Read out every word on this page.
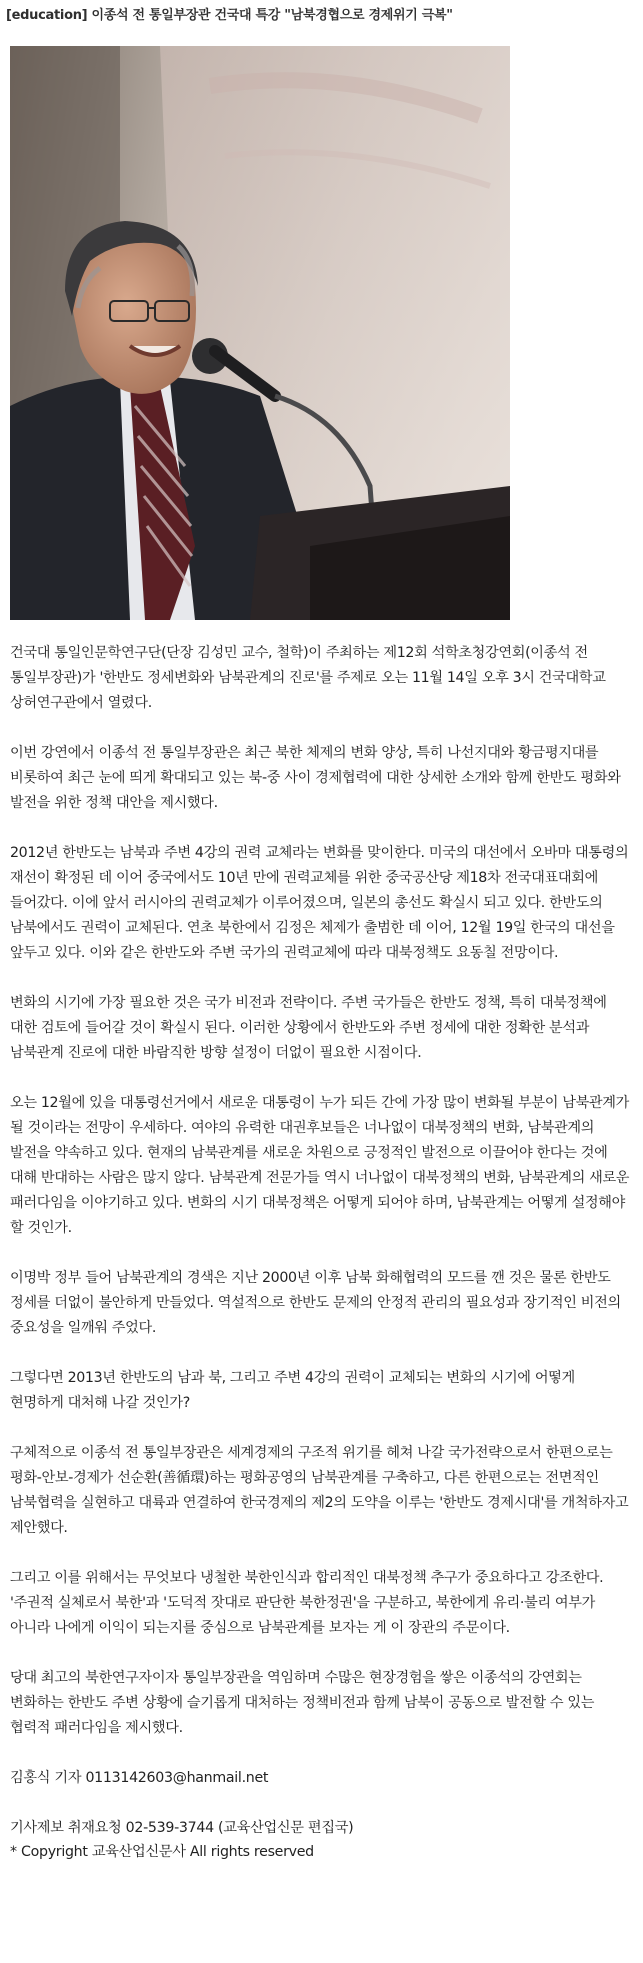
[education] 이종석 전 통일부장관 건국대 특강 "남북경협으로 경제위기 극복"

건국대 통일인문학연구단(단장 김성민 교수, 철학)이 주최하는 제12회 석학초청강연회(이종석 전 통일부장관)가 '한반도 정세변화와 남북관계의 진로'를 주제로 오는 11월 14일 오후 3시 건국대학교 상허연구관에서 열렸다.

이번 강연에서 이종석 전 통일부장관은 최근 북한 체제의 변화 양상, 특히 나선지대와 황금평지대를 비롯하여 최근 눈에 띄게 확대되고 있는 북-중 사이 경제협력에 대한 상세한 소개와 함께 한반도 평화와 발전을 위한 정책 대안을 제시했다.

2012년 한반도는 남북과 주변 4강의 권력 교체라는 변화를 맞이한다. 미국의 대선에서 오바마 대통령의 재선이 확정된 데 이어 중국에서도 10년 만에 권력교체를 위한 중국공산당 제18차 전국대표대회에 들어갔다. 이에 앞서 러시아의 권력교체가 이루어졌으며, 일본의 총선도 확실시 되고 있다. 한반도의 남북에서도 권력이 교체된다. 연초 북한에서 김정은 체제가 출범한 데 이어, 12월 19일 한국의 대선을 앞두고 있다. 이와 같은 한반도와 주변 국가의 권력교체에 따라 대북정책도 요동칠 전망이다.

변화의 시기에 가장 필요한 것은 국가 비전과 전략이다. 주변 국가들은 한반도 정책, 특히 대북정책에 대한 검토에 들어갈 것이 확실시 된다. 이러한 상황에서 한반도와 주변 정세에 대한 정확한 분석과 남북관계 진로에 대한 바람직한 방향 설정이 더없이 필요한 시점이다.

오는 12월에 있을 대통령선거에서 새로운 대통령이 누가 되든 간에 가장 많이 변화될 부분이 남북관계가 될 것이라는 전망이 우세하다. 여야의 유력한 대권후보들은 너나없이 대북정책의 변화, 남북관계의 발전을 약속하고 있다. 현재의 남북관계를 새로운 차원으로 긍정적인 발전으로 이끌어야 한다는 것에 대해 반대하는 사람은 많지 않다. 남북관계 전문가들 역시 너나없이 대북정책의 변화, 남북관계의 새로운 패러다임을 이야기하고 있다. 변화의 시기 대북정책은 어떻게 되어야 하며, 남북관계는 어떻게 설정해야 할 것인가.

이명박 정부 들어 남북관계의 경색은 지난 2000년 이후 남북 화해협력의 모드를 깬 것은 물론 한반도 정세를 더없이 불안하게 만들었다. 역설적으로 한반도 문제의 안정적 관리의 필요성과 장기적인 비전의 중요성을 일깨워 주었다.

그렇다면 2013년 한반도의 남과 북, 그리고 주변 4강의 권력이 교체되는 변화의 시기에 어떻게 현명하게 대처해 나갈 것인가?

구체적으로 이종석 전 통일부장관은 세계경제의 구조적 위기를 헤쳐 나갈 국가전략으로서 한편으로는 평화-안보-경제가 선순환(善循環)하는 평화공영의 남북관계를 구축하고, 다른 한편으로는 전면적인 남북협력을 실현하고 대륙과 연결하여 한국경제의 제2의 도약을 이루는 '한반도 경제시대'를 개척하자고 제안했다.

그리고 이를 위해서는 무엇보다 냉철한 북한인식과 합리적인 대북정책 추구가 중요하다고 강조한다. '주권적 실체로서 북한'과 '도덕적 잣대로 판단한 북한정권'을 구분하고, 북한에게 유리·불리 여부가 아니라 나에게 이익이 되는지를 중심으로 남북관계를 보자는 게 이 장관의 주문이다.

당대 최고의 북한연구자이자 통일부장관을 역임하며 수많은 현장경험을 쌓은 이종석의 강연회는 변화하는 한반도 주변 상황에 슬기롭게 대처하는 정책비전과 함께 남북이 공동으로 발전할 수 있는 협력적 패러다임을 제시했다.

김홍식 기자 0113142603@hanmail.net

기사제보 취재요청 02-539-3744 (교육산업신문 편집국)

* Copyright 교육산업신문사 All rights reserved
